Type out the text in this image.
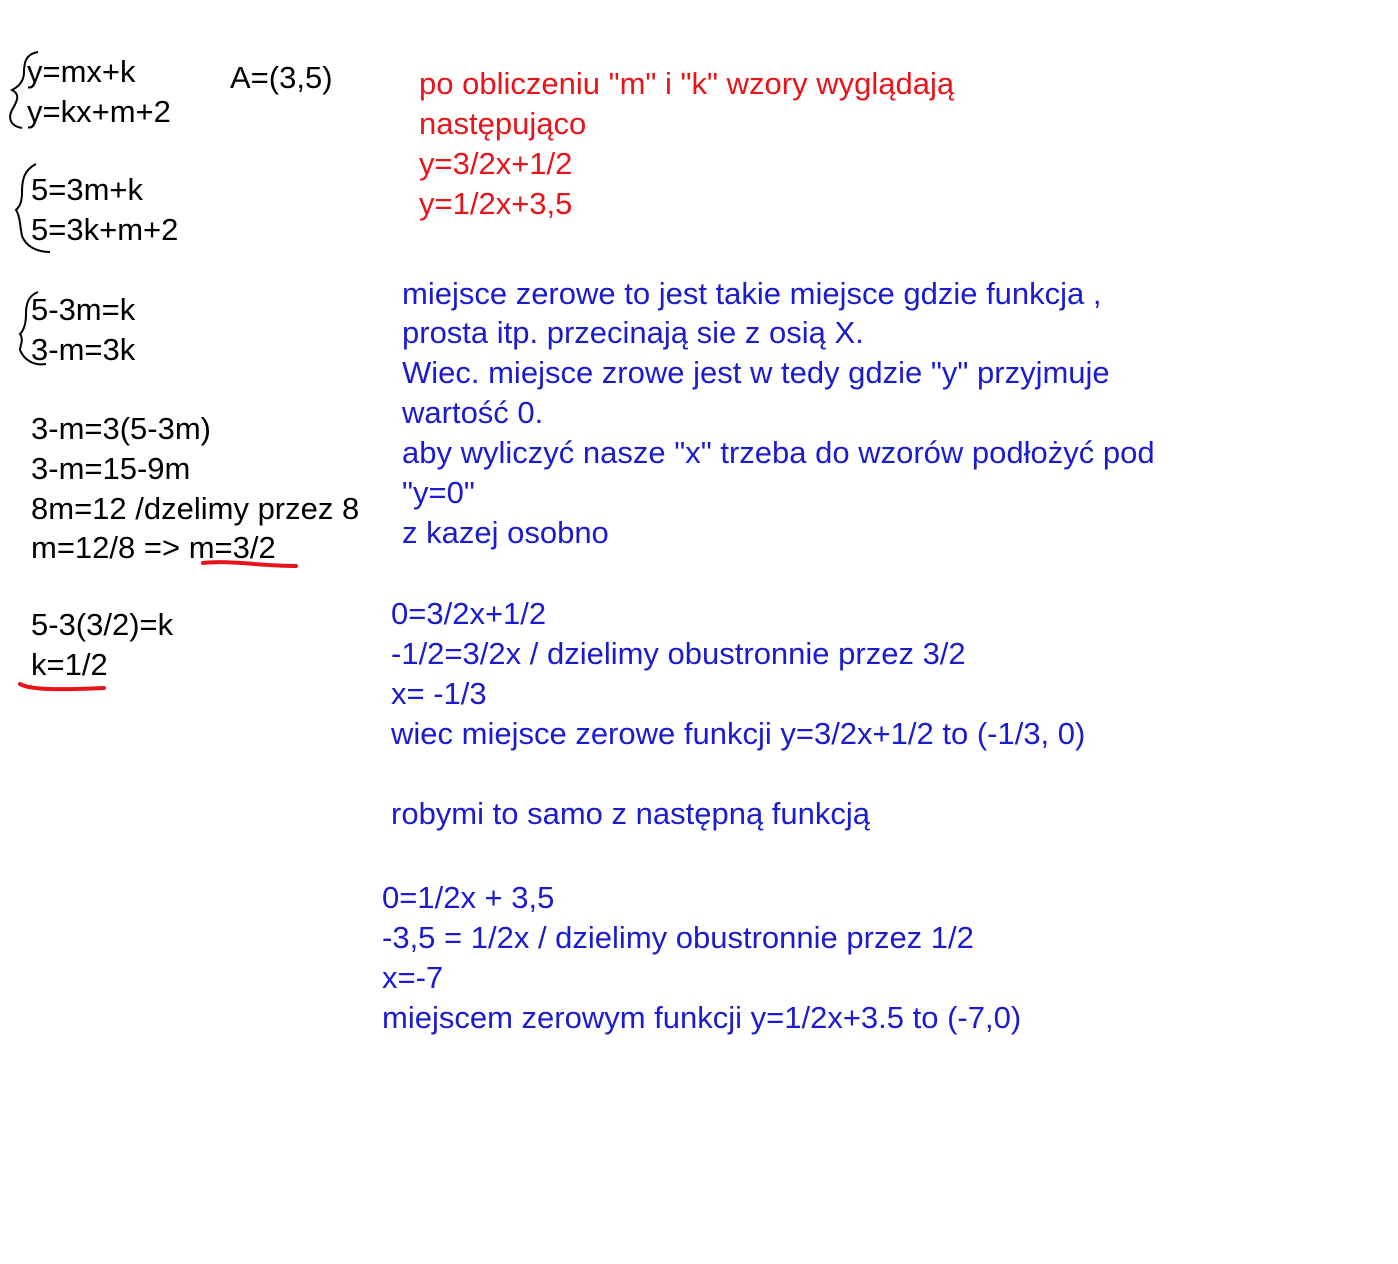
y=mx+k
y=kx+m+2
A=(3,5)
5=3m+k
5=3k+m+2
5-3m=k
3-m=3k
3-m=3(5-3m)
3-m=15-9m
8m=12 /dzelimy przez 8
m=12/8 => m=3/2
5-3(3/2)=k
k=1/2
po obliczeniu "m" i "k" wzory wyglądają
następująco
y=3/2x+1/2
y=1/2x+3,5
miejsce zerowe to jest takie miejsce gdzie funkcja ,
prosta itp. przecinają sie z osią X.
Wiec. miejsce zrowe jest w tedy gdzie "y" przyjmuje
wartość 0.
aby wyliczyć nasze "x" trzeba do wzorów podłożyć pod
"y=0"
z kazej osobno
0=3/2x+1/2
-1/2=3/2x / dzielimy obustronnie przez 3/2
x= -1/3
wiec miejsce zerowe funkcji y=3/2x+1/2 to (-1/3, 0)
robymi to samo z następną funkcją
0=1/2x + 3,5
-3,5 = 1/2x / dzielimy obustronnie przez 1/2
x=-7
miejscem zerowym funkcji y=1/2x+3.5 to (-7,0)
